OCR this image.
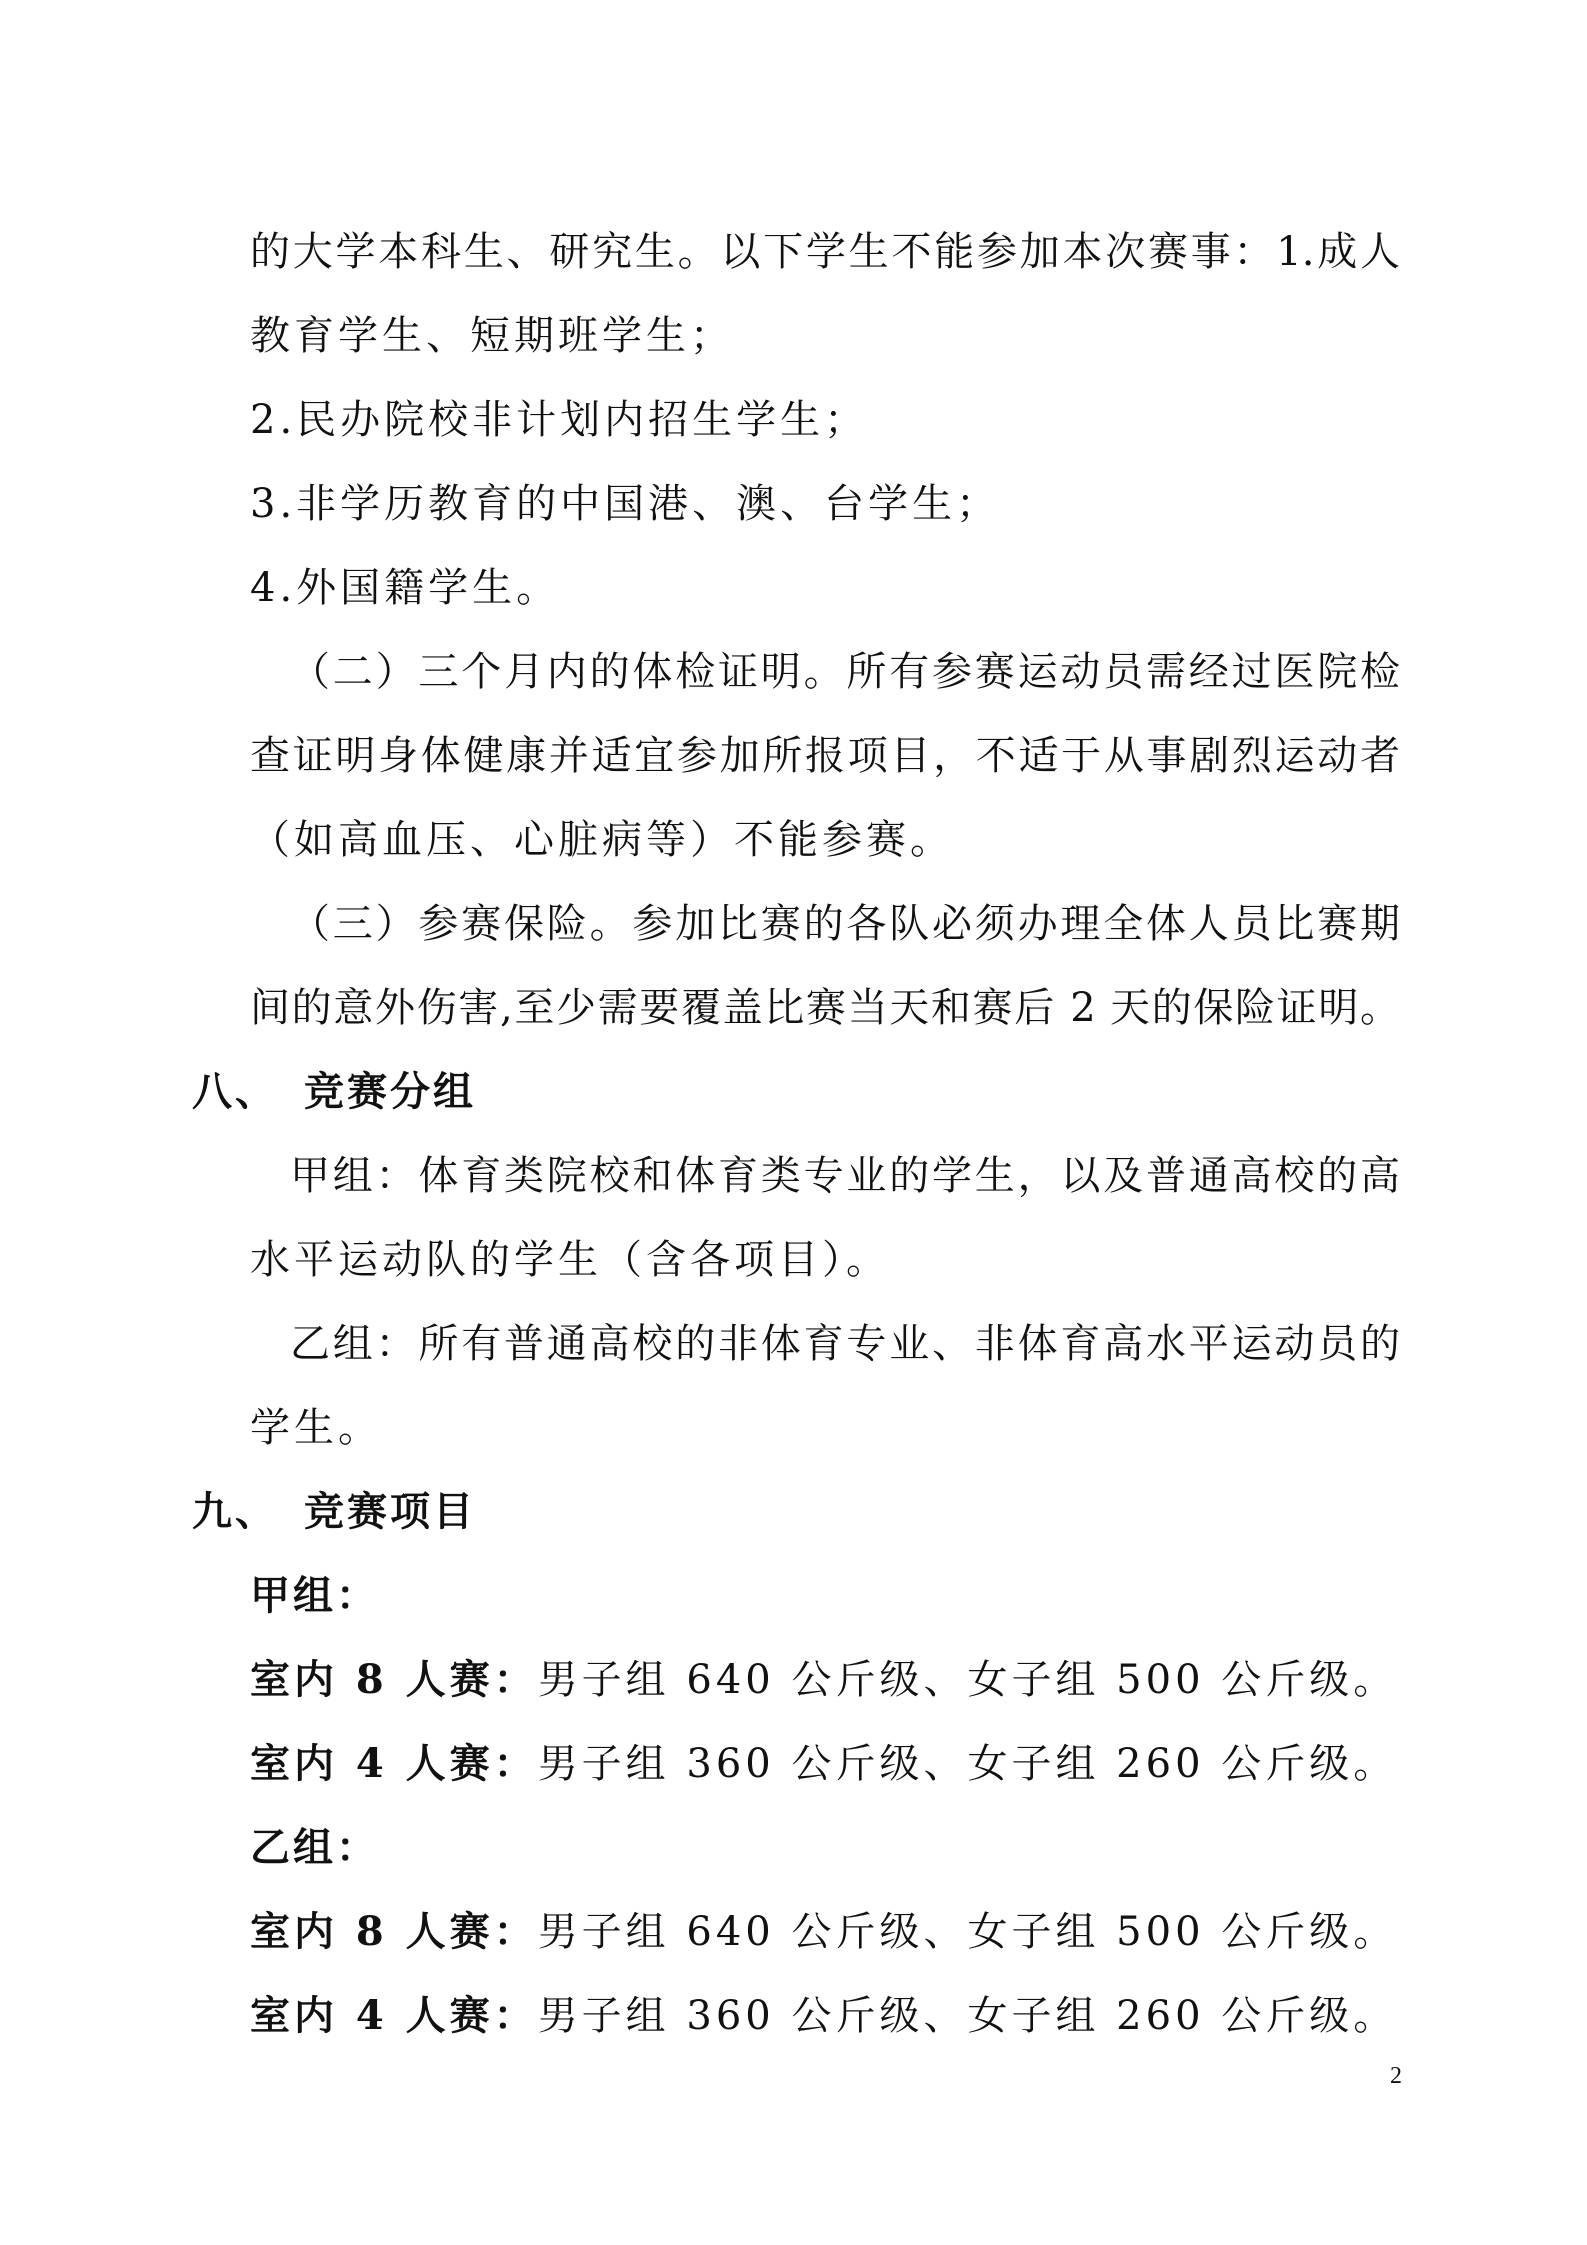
的大学本科生、研究生。以下学生不能参加本次赛事：1.成人
教育学生、短期班学生；
2.民办院校非计划内招生学生；
3.非学历教育的中国港、澳、台学生；
4.外国籍学生。
（二）三个月内的体检证明。所有参赛运动员需经过医院检
查证明身体健康并适宜参加所报项目，不适于从事剧烈运动者
（如高血压、心脏病等）不能参赛。
（三）参赛保险。参加比赛的各队必须办理全体人员比赛期
间的意外伤害,至少需要覆盖比赛当天和赛后 2 天的保险证明。
八、 竞赛分组
甲组：体育类院校和体育类专业的学生，以及普通高校的高
水平运动队的学生（含各项目）。
乙组：所有普通高校的非体育专业、非体育高水平运动员的
学生。
九、 竞赛项目
甲组：
室内 8 人赛：男子组 640 公斤级、女子组 500 公斤级。
室内 4 人赛：男子组 360 公斤级、女子组 260 公斤级。
乙组：
室内 8 人赛：男子组 640 公斤级、女子组 500 公斤级。
室内 4 人赛：男子组 360 公斤级、女子组 260 公斤级。
2
